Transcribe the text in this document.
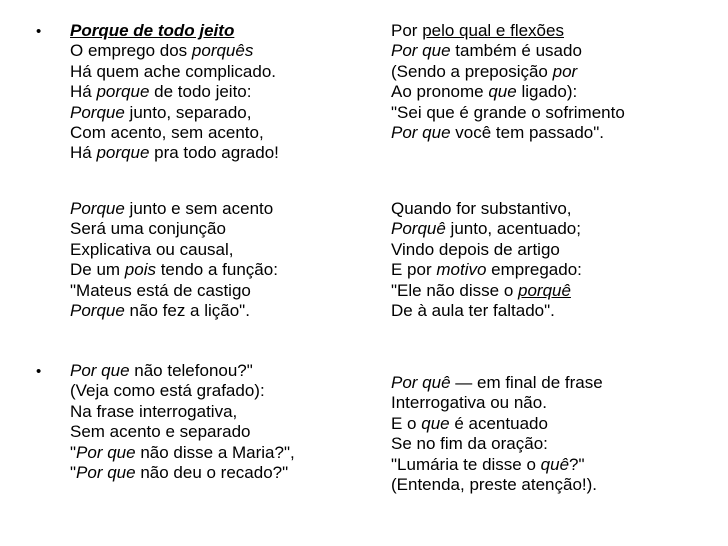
•
•
Porque de todo jeito
O emprego dos porquês
Há quem ache complicado.
Há porque de todo jeito:
Porque junto, separado,
Com acento, sem acento,
Há porque pra todo agrado!
Porque junto e sem acento
Será uma conjunção
Explicativa ou causal,
De um pois tendo a função:
"Mateus está de castigo
Porque não fez a lição".
Por que não telefonou?"
(Veja como está grafado):
Na frase interrogativa,
Sem acento e separado
"Por que não disse a Maria?",
"Por que não deu o recado?"
Por pelo qual e flexões
Por que também é usado
(Sendo a preposição por
Ao pronome que ligado):
"Sei que é grande o sofrimento
Por que você tem passado".
Quando for substantivo,
Porquê junto, acentuado;
Vindo depois de artigo
E por motivo empregado:
"Ele não disse o porquê
De à aula ter faltado".
Por quê — em final de frase
Interrogativa ou não.
E o que é acentuado
Se no fim da oração:
"Lumária te disse o quê?"
(Entenda, preste atenção!).
